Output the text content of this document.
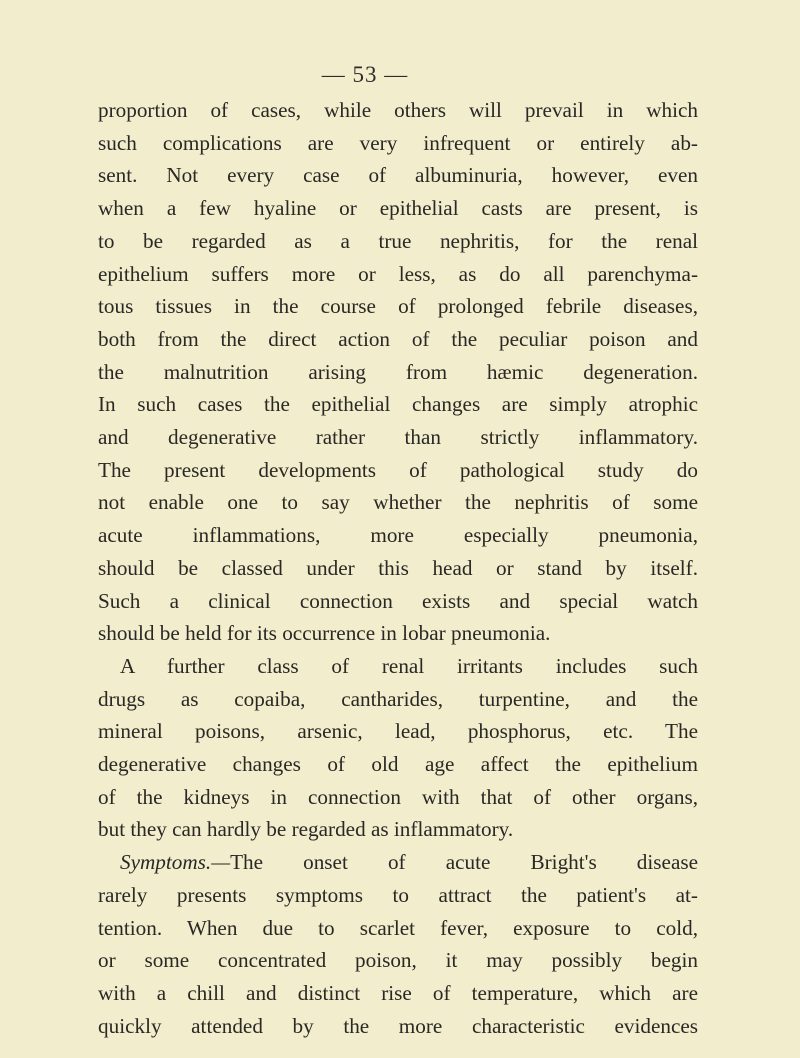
— 53 —
proportion of cases, while others will prevail in which
such complications are very infrequent or entirely ab-
sent. Not every case of albuminuria, however, even
when a few hyaline or epithelial casts are present, is
to be regarded as a true nephritis, for the renal
epithelium suffers more or less, as do all parenchyma-
tous tissues in the course of prolonged febrile diseases,
both from the direct action of the peculiar poison and
the malnutrition arising from hæmic degeneration.
In such cases the epithelial changes are simply atrophic
and degenerative rather than strictly inflammatory.
The present developments of pathological study do
not enable one to say whether the nephritis of some
acute inflammations, more especially pneumonia,
should be classed under this head or stand by itself.
Such a clinical connection exists and special watch
should be held for its occurrence in lobar pneumonia.
A further class of renal irritants includes such
drugs as copaiba, cantharides, turpentine, and the
mineral poisons, arsenic, lead, phosphorus, etc. The
degenerative changes of old age affect the epithelium
of the kidneys in connection with that of other organs,
but they can hardly be regarded as inflammatory.
Symptoms.—The onset of acute Bright's disease
rarely presents symptoms to attract the patient's at-
tention. When due to scarlet fever, exposure to cold,
or some concentrated poison, it may possibly begin
with a chill and distinct rise of temperature, which are
quickly attended by the more characteristic evidences
